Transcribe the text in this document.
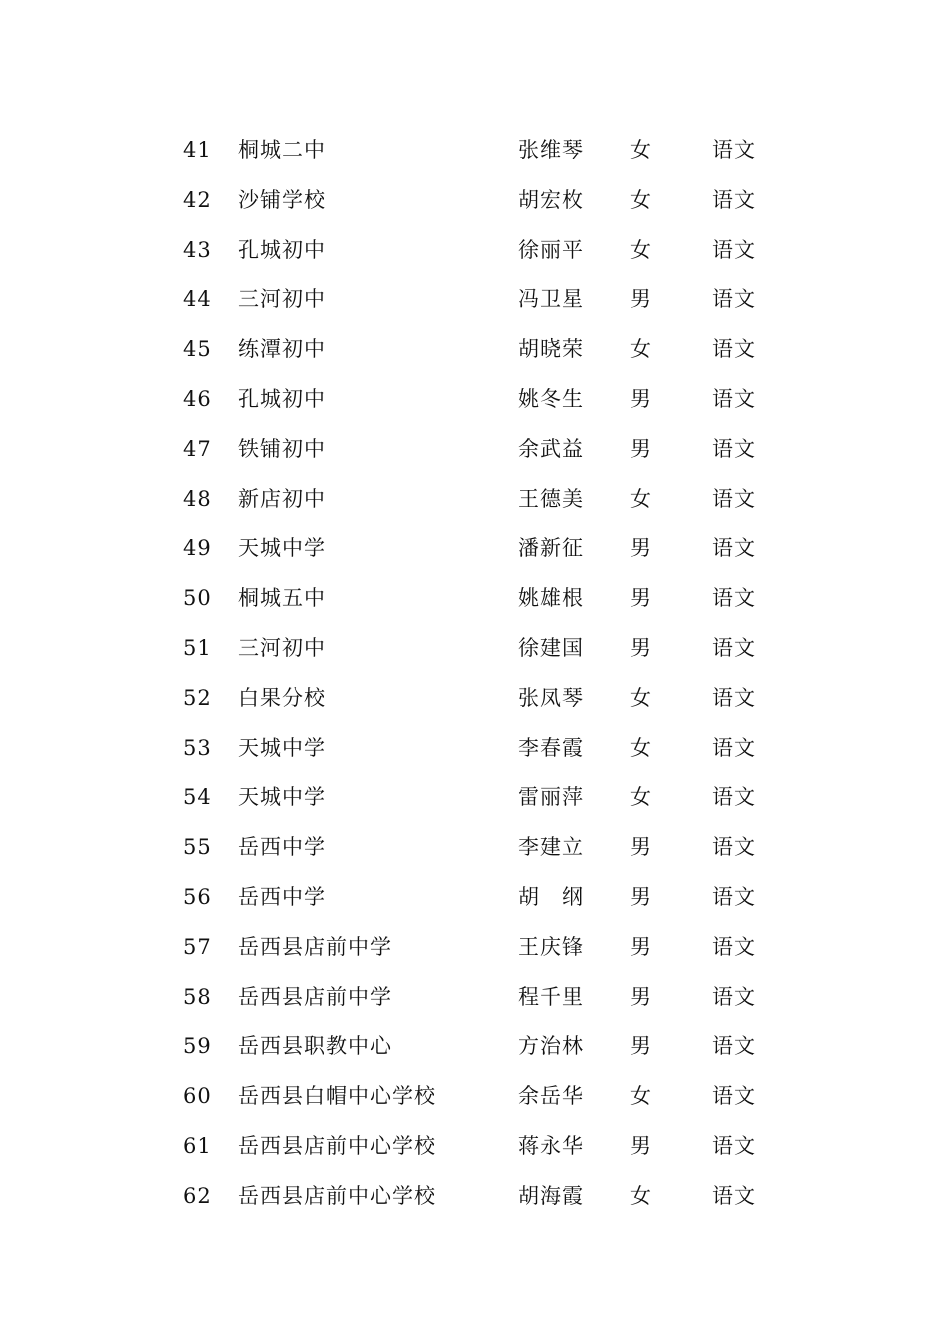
41 桐城二中	张维琴 女	语文
42 沙铺学校	胡宏枚 女	语文
43 孔城初中	徐丽平 女	语文
44 三河初中	冯卫星 男	语文
45 练潭初中	胡晓荣 女	语文
46 孔城初中	姚冬生 男	语文
47 铁铺初中	余武益 男	语文
48 新店初中	王德美 女	语文
49 天城中学	潘新征 男	语文
50 桐城五中	姚雄根 男	语文
51 三河初中	徐建国 男	语文
52 白果分校	张凤琴 女	语文
53 天城中学	李春霞 女	语文
54 天城中学	雷丽萍 女	语文
55 岳西中学	李建立 男	语文
56 岳西中学	胡　纲 男	语文
57 岳西县店前中学	王庆锋 男	语文
58 岳西县店前中学	程千里 男	语文
59 岳西县职教中心	方治林 男	语文
60 岳西县白帽中心学校	余岳华 女	语文
61 岳西县店前中心学校	蒋永华 男	语文
62 岳西县店前中心学校	胡海霞 女	语文
